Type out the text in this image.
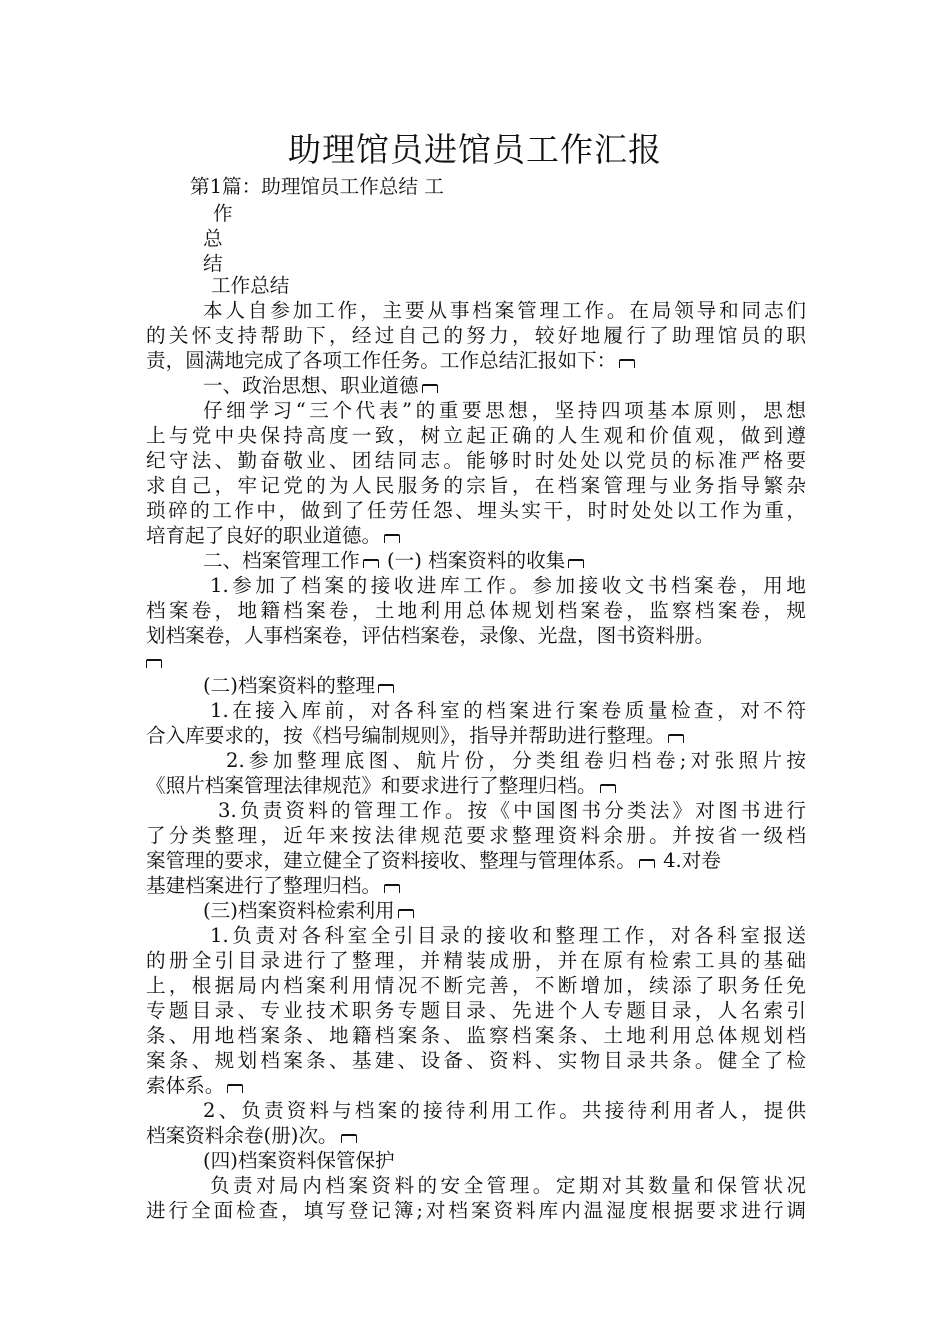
助理馆员进馆员工作汇报
第1篇：助理馆员工作总结 工
作
总
结
工作总结
本人自参加工作，主要从事档案管理工作。在局领导和同志们
的关怀支持帮助下，经过自己的努力，较好地履行了助理馆员的职
责，圆满地完成了各项工作任务。工作总结汇报如下：
一、政治思想、职业道德
仔细学习“三个代表”的重要思想，坚持四项基本原则，思想
上与党中央保持高度一致，树立起正确的人生观和价值观，做到遵
纪守法、勤奋敬业、团结同志。能够时时处处以党员的标准严格要
求自己，牢记党的为人民服务的宗旨，在档案管理与业务指导繁杂
琐碎的工作中，做到了任劳任怨、埋头实干，时时处处以工作为重，
培育起了良好的职业道德。
二、档案管理工作 (一) 档案资料的收集
1.参加了档案的接收进库工作。参加接收文书档案卷，用地
档案卷，地籍档案卷，土地利用总体规划档案卷，监察档案卷，规
划档案卷，人事档案卷，评估档案卷，录像、光盘，图书资料册。
(二)档案资料的整理
1.在接入库前，对各科室的档案进行案卷质量检查，对不符
合入库要求的，按《档号编制规则》，指导并帮助进行整理。
2.参加整理底图、航片份，分类组卷归档卷;对张照片按
《照片档案管理法律规范》和要求进行了整理归档。
3.负责资料的管理工作。按《中国图书分类法》对图书进行
了分类整理，近年来按法律规范要求整理资料余册。并按省一级档
案管理的要求，建立健全了资料接收、整理与管理体系。 4.对卷
基建档案进行了整理归档。
(三)档案资料检索利用
1.负责对各科室全引目录的接收和整理工作，对各科室报送
的册全引目录进行了整理，并精装成册，并在原有检索工具的基础
上，根据局内档案利用情况不断完善，不断增加，续添了职务任免
专题目录、专业技术职务专题目录、先进个人专题目录，人名索引
条、用地档案条、地籍档案条、监察档案条、土地利用总体规划档
案条、规划档案条、基建、设备、资料、实物目录共条。健全了检
索体系。
2、负责资料与档案的接待利用工作。共接待利用者人，提供
档案资料余卷(册)次。
(四)档案资料保管保护
负责对局内档案资料的安全管理。定期对其数量和保管状况
进行全面检查，填写登记簿;对档案资料库内温湿度根据要求进行调
